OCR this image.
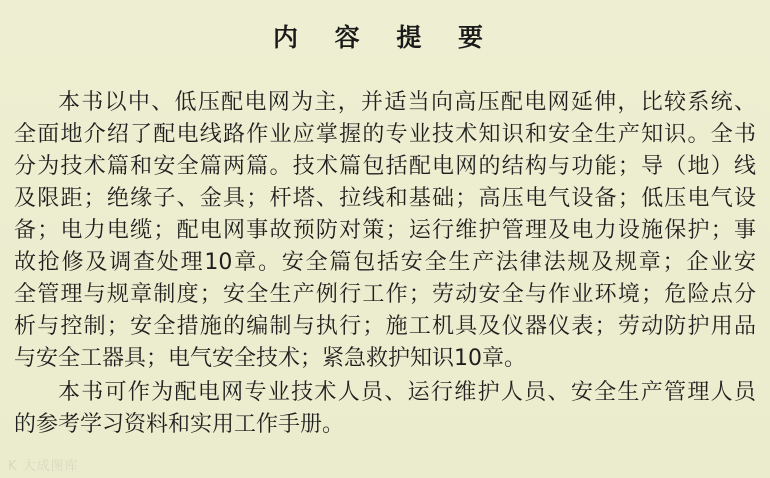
内 容 提 要
本书以中、低压配电网为主，并适当向高压配电网延伸，比较系统、
全面地介绍了配电线路作业应掌握的专业技术知识和安全生产知识。全书
分为技术篇和安全篇两篇。技术篇包括配电网的结构与功能；导（地）线
及限距；绝缘子、金具；杆塔、拉线和基础；高压电气设备；低压电气设
备；电力电缆；配电网事故预防对策；运行维护管理及电力设施保护；事
故抢修及调查处理10章。安全篇包括安全生产法律法规及规章；企业安
全管理与规章制度；安全生产例行工作；劳动安全与作业环境；危险点分
析与控制；安全措施的编制与执行；施工机具及仪器仪表；劳动防护用品
与安全工器具；电气安全技术；紧急救护知识10章。
本书可作为配电网专业技术人员、运行维护人员、安全生产管理人员
的参考学习资料和实用工作手册。
K 大成图库
